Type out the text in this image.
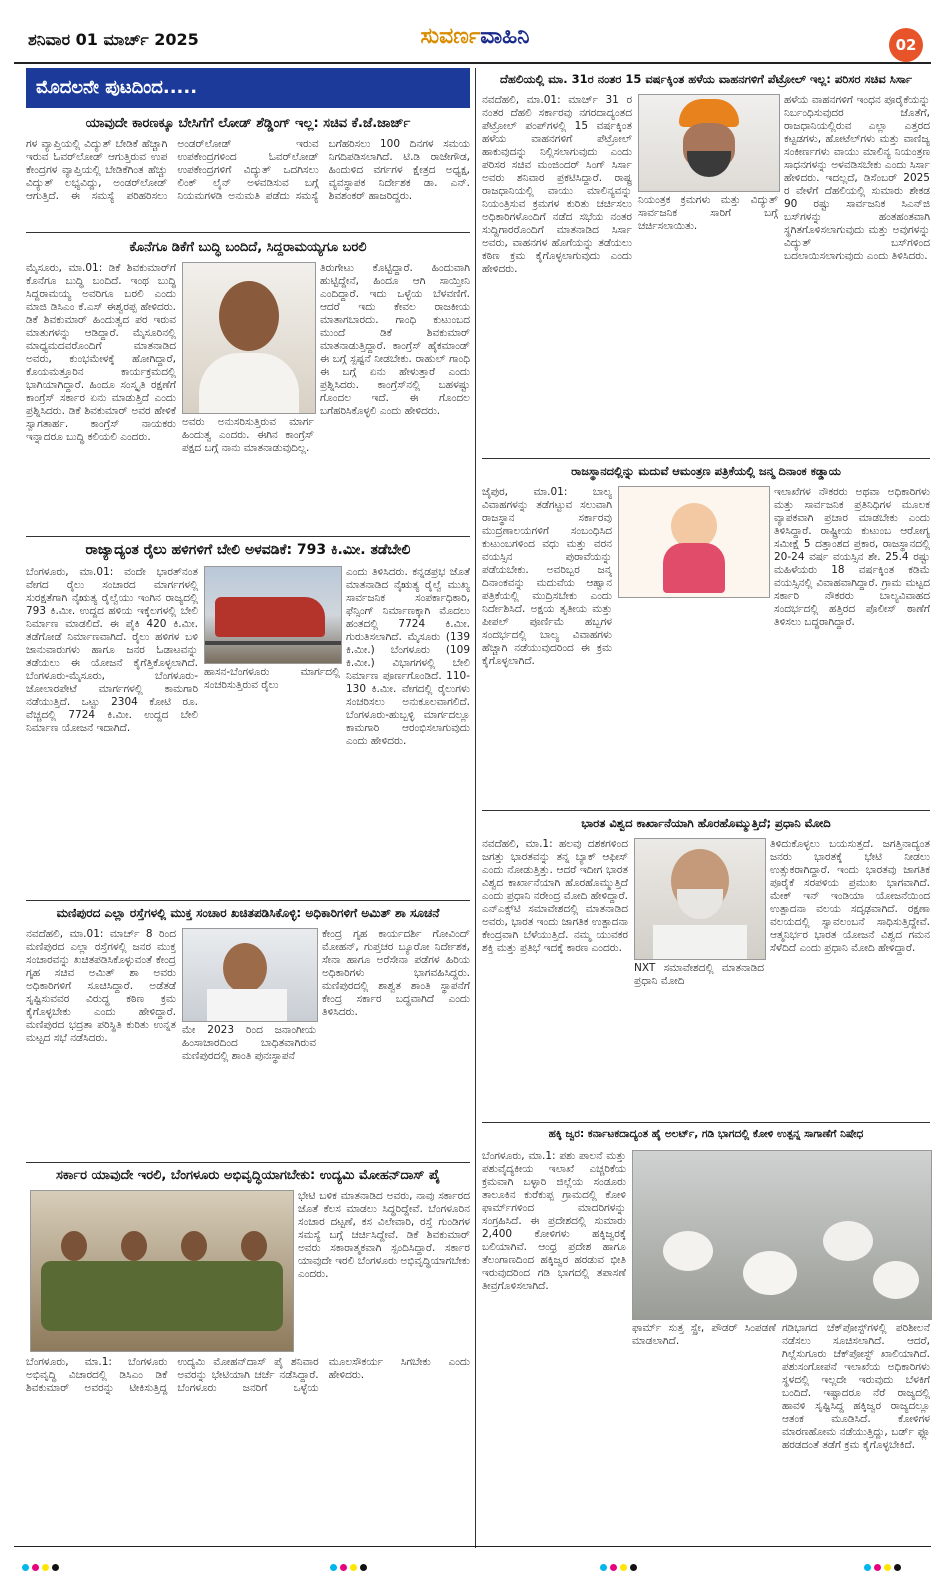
ಶನಿವಾರ 01 ಮಾರ್ಚ್ 2025	ಸುವರ್ಣವಾಹಿನಿ	02
ಮೊದಲನೇ ಪುಟದಿಂದ.....
ಯಾವುದೇ ಕಾರಣಕ್ಕೂ ಬೇಸಿಗೆಗೆ ಲೋಡ್ ಶೆಡ್ಡಿಂಗ್ ಇಲ್ಲ: ಸಚಿವ ಕೆ.ಜೆ.ಜಾರ್ಜ್
ಗಳ ವ್ಯಾಪ್ತಿಯಲ್ಲಿ ವಿದ್ಯುತ್ ಬೇಡಿಕೆ ಹೆಚ್ಚಾಗಿ ಇರುವ ಓವರ್‌ಲೋಡ್ ಆಗುತ್ತಿರುವ ಉಪ ಕೇಂದ್ರಗಳ ವ್ಯಾಪ್ತಿಯಲ್ಲಿ ಬೇಡಿಕೆಗಿಂತ ಹೆಚ್ಚು ವಿದ್ಯುತ್ ಲಭ್ಯವಿದ್ದು, ಅಂಡರ್‌ಲೋಡ್ ಆಗುತ್ತಿದೆ. ಈ ಸಮಸ್ಯೆ ಪರಿಹರಿಸಲು ಅಂಡರ್‌ಲೋಡ್ ಇರುವ ಉಪಕೇಂದ್ರಗಳಿಂದ ಓವರ್‌ಲೋಡ್ ಉಪಕೇಂದ್ರಗಳಿಗೆ ವಿದ್ಯುತ್ ಒದಗಿಸಲು ಲಿಂಕ್ ಲೈನ್ ಅಳವಡಿಸುವ ಬಗ್ಗೆ ನಿಯಮಗಳಡಿ ಅನುಮತಿ ಪಡೆದು ಸಮಸ್ಯೆ ಬಗೆಹರಿಸಲು 100 ದಿನಗಳ ಸಮಯ ನಿಗದಿಪಡಿಸಲಾಗಿದೆ. ಟಿ.ಡಿ ರಾಜೇಗೌಡ, ಹಿಂದುಳಿದ ವರ್ಗಗಳ ಕ್ಷೇತ್ರದ ಅಧ್ಯಕ್ಷ, ವ್ಯವಸ್ಥಾಪಕ ನಿರ್ದೇಶಕ ಡಾ. ಎನ್. ಶಿವಶಂಕರ್ ಹಾಜರಿದ್ದರು.
ಕೊನೆಗೂ ಡಿಕೆಗೆ ಬುದ್ಧಿ ಬಂದಿದೆ, ಸಿದ್ದರಾಮಯ್ಯಗೂ ಬರಲಿ
ಮೈಸೂರು, ಮಾ.01: ಡಿಕೆ ಶಿವಕುಮಾರ್‌ಗೆ ಕೊನೆಗೂ ಬುದ್ಧಿ ಬಂದಿದೆ. ಇಂಥ ಬುದ್ಧಿ ಸಿದ್ದರಾಮಯ್ಯ ಅವರಿಗೂ ಬರಲಿ ಎಂದು ಮಾಜಿ ಡಿಸಿಎಂ ಕೆ.ಎಸ್ ಈಶ್ವರಪ್ಪ ಹೇಳಿದರು. ಡಿಕೆ ಶಿವಕುಮಾರ್ ಹಿಂದುತ್ವದ ಪರ ಇರುವ ಮಾತುಗಳನ್ನು ಆಡಿದ್ದಾರೆ. ಮೈಸೂರಿನಲ್ಲಿ ಮಾಧ್ಯಮದವರೊಂದಿಗೆ ಮಾತನಾಡಿದ ಅವರು, ಕುಂಭಮೇಳಕ್ಕೆ ಹೋಗಿದ್ದಾರೆ, ಕೊಯಮತ್ತೂರಿನ ಕಾರ್ಯಕ್ರಮದಲ್ಲಿ ಭಾಗಿಯಾಗಿದ್ದಾರೆ. ಹಿಂದೂ ಸಂಸ್ಕೃತಿ ರಕ್ಷಣೆಗೆ ಕಾಂಗ್ರೆಸ್ ಸರ್ಕಾರ ಏನು ಮಾಡುತ್ತಿದೆ ಎಂದು ಪ್ರಶ್ನಿಸಿದರು. ಡಿಕೆ ಶಿವಕುಮಾರ್ ಅವರ ಹೇಳಿಕೆ ಸ್ವಾಗತಾರ್ಹ. ಕಾಂಗ್ರೆಸ್ ನಾಯಕರು ಇನ್ನಾದರೂ ಬುದ್ಧಿ ಕಲಿಯಲಿ ಎಂದರು.
ಅವರು ಅನುಸರಿಸುತ್ತಿರುವ ಮಾರ್ಗ ಹಿಂದುತ್ವ ಎಂದರು. ಈಗಿನ ಕಾಂಗ್ರೆಸ್ ಪಕ್ಷದ ಬಗ್ಗೆ ನಾನು ಮಾತನಾಡುವುದಿಲ್ಲ.
ತಿರುಗೇಟು ಕೊಟ್ಟಿದ್ದಾರೆ. ಹಿಂದುವಾಗಿ ಹುಟ್ಟಿದ್ದೇನೆ, ಹಿಂದೂ ಆಗಿ ಸಾಯ್ತೀನಿ ಎಂದಿದ್ದಾರೆ. ಇದು ಒಳ್ಳೆಯ ಬೆಳವಣಿಗೆ. ಆದರೆ ಇದು ಕೇವಲ ರಾಜಕೀಯ ಮಾತಾಗಬಾರದು. ಗಾಂಧಿ ಕುಟುಂಬದ ಮುಂದೆ ಡಿಕೆ ಶಿವಕುಮಾರ್ ಮಾತನಾಡುತ್ತಿದ್ದಾರೆ. ಕಾಂಗ್ರೆಸ್ ಹೈಕಮಾಂಡ್ ಈ ಬಗ್ಗೆ ಸ್ಪಷ್ಟನೆ ನೀಡಬೇಕು. ರಾಹುಲ್ ಗಾಂಧಿ ಈ ಬಗ್ಗೆ ಏನು ಹೇಳುತ್ತಾರೆ ಎಂದು ಪ್ರಶ್ನಿಸಿದರು. ಕಾಂಗ್ರೆಸ್‌ನಲ್ಲಿ ಬಹಳಷ್ಟು ಗೊಂದಲ ಇದೆ. ಈ ಗೊಂದಲ ಬಗೆಹರಿಸಿಕೊಳ್ಳಲಿ ಎಂದು ಹೇಳಿದರು.
ರಾಜ್ಯಾದ್ಯಂತ ರೈಲು ಹಳಿಗಳಿಗೆ ಬೇಲಿ ಅಳವಡಿಕೆ: 793 ಕಿ.ಮೀ. ತಡೆಬೇಲಿ
ಬೆಂಗಳೂರು, ಮಾ.01: ವಂದೇ ಭಾರತ್‌ನಂತ ವೇಗದ ರೈಲು ಸಂಚಾರದ ಮಾರ್ಗಗಳಲ್ಲಿ ಸುರಕ್ಷತೆಗಾಗಿ ನೈಋತ್ಯ ರೈಲ್ವೆಯು ಇಂಗಿನ ರಾಜ್ಯದಲ್ಲಿ 793 ಕಿ.ಮೀ. ಉದ್ದದ ಹಳಿಯ ಇಕ್ಕೆಲಗಳಲ್ಲಿ ಬೇಲಿ ನಿರ್ಮಾಣ ಮಾಡಲಿದೆ. ಈ ಪೈಕಿ 420 ಕಿ.ಮೀ. ತಡೆಗೋಡೆ ನಿರ್ಮಾಣವಾಗಿದೆ. ರೈಲು ಹಳಿಗಳ ಬಳಿ ಜಾನುವಾರುಗಳು ಹಾಗೂ ಜನರ ಓಡಾಟವನ್ನು ತಡೆಯಲು ಈ ಯೋಜನೆ ಕೈಗೆತ್ತಿಕೊಳ್ಳಲಾಗಿದೆ. ಬೆಂಗಳೂರು-ಮೈಸೂರು, ಬೆಂಗಳೂರು-ಜೋಲಾರಪೇಟೆ ಮಾರ್ಗಗಳಲ್ಲಿ ಕಾಮಗಾರಿ ನಡೆಯುತ್ತಿದೆ. ಒಟ್ಟು 2304 ಕೋಟಿ ರೂ. ವೆಚ್ಚದಲ್ಲಿ 7724 ಕಿ.ಮೀ. ಉದ್ದದ ಬೇಲಿ ನಿರ್ಮಾಣ ಯೋಜನೆ ಇದಾಗಿದೆ.
ಹಾಸನ-ಬೆಂಗಳೂರು ಮಾರ್ಗದಲ್ಲಿ ಸಂಚರಿಸುತ್ತಿರುವ ರೈಲು
ಎಂದು ತಿಳಿಸಿದರು. ಕನ್ನಡಪ್ರಭ ಜೊತೆ ಮಾತನಾಡಿದ ನೈಋತ್ಯ ರೈಲ್ವೆ ಮುಖ್ಯ ಸಾರ್ವಜನಿಕ ಸಂಪರ್ಕಾಧಿಕಾರಿ, ಫೆನ್ಸಿಂಗ್ ನಿರ್ಮಾಣಕ್ಕಾಗಿ ಮೊದಲು ಹಂತದಲ್ಲಿ 7724 ಕಿ.ಮೀ. ಗುರುತಿಸಲಾಗಿದೆ. ಮೈಸೂರು (139 ಕಿ.ಮೀ.) ಬೆಂಗಳೂರು (109 ಕಿ.ಮೀ.) ವಿಭಾಗಗಳಲ್ಲಿ ಬೇಲಿ ನಿರ್ಮಾಣ ಪೂರ್ಣಗೊಂಡಿದೆ. 110-130 ಕಿ.ಮೀ. ವೇಗದಲ್ಲಿ ರೈಲುಗಳು ಸಂಚರಿಸಲು ಅನುಕೂಲವಾಗಲಿದೆ. ಬೆಂಗಳೂರು-ಹುಬ್ಬಳ್ಳಿ ಮಾರ್ಗದಲ್ಲೂ ಕಾಮಗಾರಿ ಆರಂಭಿಸಲಾಗುವುದು ಎಂದು ಹೇಳಿದರು.
ಮಣಿಪುರದ ಎಲ್ಲಾ ರಸ್ತೆಗಳಲ್ಲಿ ಮುಕ್ತ ಸಂಚಾರ ಖಚಿತಪಡಿಸಿಕೊಳ್ಳಿ: ಅಧಿಕಾರಿಗಳಿಗೆ ಅಮಿತ್ ಶಾ ಸೂಚನೆ
ನವದೆಹಲಿ, ಮಾ.01: ಮಾರ್ಚ್ 8 ರಿಂದ ಮಣಿಪುರದ ಎಲ್ಲಾ ರಸ್ತೆಗಳಲ್ಲಿ ಜನರ ಮುಕ್ತ ಸಂಚಾರವನ್ನು ಖಚಿತಪಡಿಸಿಕೊಳ್ಳುವಂತೆ ಕೇಂದ್ರ ಗೃಹ ಸಚಿವ ಅಮಿತ್ ಶಾ ಅವರು ಅಧಿಕಾರಿಗಳಿಗೆ ಸೂಚಿಸಿದ್ದಾರೆ. ಅಡೆತಡೆ ಸೃಷ್ಟಿಸುವವರ ವಿರುದ್ಧ ಕಠಿಣ ಕ್ರಮ ಕೈಗೊಳ್ಳಬೇಕು ಎಂದು ಹೇಳಿದ್ದಾರೆ. ಮಣಿಪುರದ ಭದ್ರತಾ ಪರಿಸ್ಥಿತಿ ಕುರಿತು ಉನ್ನತ ಮಟ್ಟದ ಸಭೆ ನಡೆಸಿದರು.
ಮೇ 2023 ರಿಂದ ಜನಾಂಗೀಯ ಹಿಂಸಾಚಾರದಿಂದ ಬಾಧಿತವಾಗಿರುವ ಮಣಿಪುರದಲ್ಲಿ ಶಾಂತಿ ಪುನಃಸ್ಥಾಪನೆ
ಕೇಂದ್ರ ಗೃಹ ಕಾರ್ಯದರ್ಶಿ ಗೋವಿಂದ್ ಮೋಹನ್, ಗುಪ್ತಚರ ಬ್ಯೂರೋ ನಿರ್ದೇಶಕ, ಸೇನಾ ಹಾಗೂ ಅರೆಸೇನಾ ಪಡೆಗಳ ಹಿರಿಯ ಅಧಿಕಾರಿಗಳು ಭಾಗವಹಿಸಿದ್ದರು. ಮಣಿಪುರದಲ್ಲಿ ಶಾಶ್ವತ ಶಾಂತಿ ಸ್ಥಾಪನೆಗೆ ಕೇಂದ್ರ ಸರ್ಕಾರ ಬದ್ಧವಾಗಿದೆ ಎಂದು ತಿಳಿಸಿದರು.
ಸರ್ಕಾರ ಯಾವುದೇ ಇರಲಿ, ಬೆಂಗಳೂರು ಅಭಿವೃದ್ಧಿಯಾಗಬೇಕು: ಉದ್ಯಮಿ ಮೋಹನ್‌ದಾಸ್ ಪೈ
ಭೇಟಿ ಬಳಿಕ ಮಾತನಾಡಿದ ಅವರು, ನಾವು ಸರ್ಕಾರದ ಜೊತೆ ಕೆಲಸ ಮಾಡಲು ಸಿದ್ಧರಿದ್ದೇವೆ. ಬೆಂಗಳೂರಿನ ಸಂಚಾರ ದಟ್ಟಣೆ, ಕಸ ವಿಲೇವಾರಿ, ರಸ್ತೆ ಗುಂಡಿಗಳ ಸಮಸ್ಯೆ ಬಗ್ಗೆ ಚರ್ಚಿಸಿದ್ದೇವೆ. ಡಿಕೆ ಶಿವಕುಮಾರ್ ಅವರು ಸಕಾರಾತ್ಮಕವಾಗಿ ಸ್ಪಂದಿಸಿದ್ದಾರೆ. ಸರ್ಕಾರ ಯಾವುದೇ ಇರಲಿ ಬೆಂಗಳೂರು ಅಭಿವೃದ್ಧಿಯಾಗಬೇಕು ಎಂದರು.
ಬೆಂಗಳೂರು, ಮಾ.1: ಬೆಂಗಳೂರು ಅಭಿವೃದ್ಧಿ ವಿಚಾರದಲ್ಲಿ ಡಿಸಿಎಂ ಡಿಕೆ ಶಿವಕುಮಾರ್ ಅವರನ್ನು ಟೀಕಿಸುತ್ತಿದ್ದ ಉದ್ಯಮಿ ಮೋಹನ್‌ದಾಸ್ ಪೈ ಶನಿವಾರ ಅವರನ್ನು ಭೇಟಿಯಾಗಿ ಚರ್ಚೆ ನಡೆಸಿದ್ದಾರೆ. ಬೆಂಗಳೂರು ಜನರಿಗೆ ಒಳ್ಳೆಯ ಮೂಲಸೌಕರ್ಯ ಸಿಗಬೇಕು ಎಂದು ಹೇಳಿದರು.
ದೆಹಲಿಯಲ್ಲಿ ಮಾ. 31ರ ನಂತರ 15 ವರ್ಷಕ್ಕಿಂತ ಹಳೆಯ ವಾಹನಗಳಿಗೆ ಪೆಟ್ರೋಲ್ ಇಲ್ಲ: ಪರಿಸರ ಸಚಿವ ಸಿರ್ಸಾ
ನವದೆಹಲಿ, ಮಾ.01: ಮಾರ್ಚ್ 31 ರ ನಂತರ ದೆಹಲಿ ಸರ್ಕಾರವು ನಗರದಾದ್ಯಂತದ ಪೆಟ್ರೋಲ್ ಪಂಪ್‌ಗಳಲ್ಲಿ 15 ವರ್ಷಕ್ಕಿಂತ ಹಳೆಯ ವಾಹನಗಳಿಗೆ ಪೆಟ್ರೋಲ್ ಹಾಕುವುದನ್ನು ನಿಲ್ಲಿಸಲಾಗುವುದು ಎಂದು ಪರಿಸರ ಸಚಿವ ಮಂಜಿಂದರ್ ಸಿಂಗ್ ಸಿರ್ಸಾ ಅವರು ಶನಿವಾರ ಪ್ರಕಟಿಸಿದ್ದಾರೆ. ರಾಷ್ಟ್ರ ರಾಜಧಾನಿಯಲ್ಲಿ ವಾಯು ಮಾಲಿನ್ಯವನ್ನು ನಿಯಂತ್ರಿಸುವ ಕ್ರಮಗಳ ಕುರಿತು ಚರ್ಚಿಸಲು ಅಧಿಕಾರಿಗಳೊಂದಿಗೆ ನಡೆದ ಸಭೆಯ ನಂತರ ಸುದ್ದಿಗಾರರೊಂದಿಗೆ ಮಾತನಾಡಿದ ಸಿರ್ಸಾ ಅವರು, ವಾಹನಗಳ ಹೊಗೆಯನ್ನು ತಡೆಯಲು ಕಠಿಣ ಕ್ರಮ ಕೈಗೊಳ್ಳಲಾಗುವುದು ಎಂದು ಹೇಳಿದರು.
ನಿಯಂತ್ರಕ ಕ್ರಮಗಳು ಮತ್ತು ವಿದ್ಯುತ್ ಸಾರ್ವಜನಿಕ ಸಾರಿಗೆ ಬಗ್ಗೆ ಚರ್ಚಿಸಲಾಯಿತು.
ಹಳೆಯ ವಾಹನಗಳಿಗೆ ಇಂಧನ ಪೂರೈಕೆಯನ್ನು ನಿರ್ಬಂಧಿಸುವುದರ ಜೊತೆಗೆ, ರಾಜಧಾನಿಯಲ್ಲಿರುವ ಎಲ್ಲಾ ಎತ್ತರದ ಕಟ್ಟಡಗಳು, ಹೋಟೆಲ್‌ಗಳು ಮತ್ತು ವಾಣಿಜ್ಯ ಸಂಕೀರ್ಣಗಳು ವಾಯು ಮಾಲಿನ್ಯ ನಿಯಂತ್ರಣ ಸಾಧನಗಳನ್ನು ಅಳವಡಿಸಬೇಕು ಎಂದು ಸಿರ್ಸಾ ಹೇಳಿದರು. ಇದಲ್ಲದೆ, ಡಿಸೆಂಬರ್ 2025 ರ ವೇಳೆಗೆ ದೆಹಲಿಯಲ್ಲಿ ಸುಮಾರು ಶೇಕಡ 90 ರಷ್ಟು ಸಾರ್ವಜನಿಕ ಸಿಎನ್‌ಜಿ ಬಸ್‌ಗಳನ್ನು ಹಂತಹಂತವಾಗಿ ಸ್ಥಗಿತಗೊಳಿಸಲಾಗುವುದು ಮತ್ತು ಅವುಗಳನ್ನು ವಿದ್ಯುತ್ ಬಸ್‌ಗಳಿಂದ ಬದಲಾಯಿಸಲಾಗುವುದು ಎಂದು ತಿಳಿಸಿದರು.
ರಾಜಸ್ಥಾನದಲ್ಲಿನ್ನು ಮದುವೆ ಆಮಂತ್ರಣ ಪತ್ರಿಕೆಯಲ್ಲಿ ಜನ್ಮ ದಿನಾಂಕ ಕಡ್ಡಾಯ
ಜೈಪುರ, ಮಾ.01: ಬಾಲ್ಯ ವಿವಾಹಗಳನ್ನು ತಡೆಗಟ್ಟುವ ಸಲುವಾಗಿ ರಾಜಸ್ಥಾನ ಸರ್ಕಾರವು ಮುದ್ರಣಾಲಯಗಳಿಗೆ ಸಂಬಂಧಿಸಿದ ಕುಟುಂಬಗಳಿಂದ ವಧು ಮತ್ತು ವರನ ವಯಸ್ಸಿನ ಪುರಾವೆಯನ್ನು ಪಡೆಯಬೇಕು. ಅವರಿಬ್ಬರ ಜನ್ಮ ದಿನಾಂಕವನ್ನು ಮದುವೆಯ ಆಹ್ವಾನ ಪತ್ರಿಕೆಯಲ್ಲಿ ಮುದ್ರಿಸಬೇಕು ಎಂದು ನಿರ್ದೇಶಿಸಿದೆ. ಅಕ್ಷಯ ತೃತೀಯ ಮತ್ತು ಪೀಪಲ್ ಪೂರ್ಣಿಮೆ ಹಬ್ಬಗಳ ಸಂದರ್ಭದಲ್ಲಿ ಬಾಲ್ಯ ವಿವಾಹಗಳು ಹೆಚ್ಚಾಗಿ ನಡೆಯುವುದರಿಂದ ಈ ಕ್ರಮ ಕೈಗೊಳ್ಳಲಾಗಿದೆ.
ಇಲಾಖೆಗಳ ನೌಕರರು ಅಥವಾ ಅಧಿಕಾರಿಗಳು ಮತ್ತು ಸಾರ್ವಜನಿಕ ಪ್ರತಿನಿಧಿಗಳ ಮೂಲಕ ವ್ಯಾಪಕವಾಗಿ ಪ್ರಚಾರ ಮಾಡಬೇಕು ಎಂದು ತಿಳಿಸಿದ್ದಾರೆ. ರಾಷ್ಟ್ರೀಯ ಕುಟುಂಬ ಆರೋಗ್ಯ ಸಮೀಕ್ಷೆ 5 ದತ್ತಾಂಶದ ಪ್ರಕಾರ, ರಾಜಸ್ಥಾನದಲ್ಲಿ 20-24 ವರ್ಷ ವಯಸ್ಸಿನ ಶೇ. 25.4 ರಷ್ಟು ಮಹಿಳೆಯರು 18 ವರ್ಷಕ್ಕಿಂತ ಕಡಿಮೆ ವಯಸ್ಸಿನಲ್ಲಿ ವಿವಾಹವಾಗಿದ್ದಾರೆ. ಗ್ರಾಮ ಮಟ್ಟದ ಸರ್ಕಾರಿ ನೌಕರರು ಬಾಲ್ಯವಿವಾಹದ ಸಂದರ್ಭದಲ್ಲಿ ಹತ್ತಿರದ ಪೊಲೀಸ್ ಠಾಣೆಗೆ ತಿಳಿಸಲು ಬದ್ಧರಾಗಿದ್ದಾರೆ.
ಭಾರತ ವಿಶ್ವದ ಕಾರ್ಖಾನೆಯಾಗಿ ಹೊರಹೊಮ್ಮುತ್ತಿದೆ; ಪ್ರಧಾನಿ ಮೋದಿ
ನವದೆಹಲಿ, ಮಾ.1: ಹಲವು ದಶಕಗಳಿಂದ ಜಗತ್ತು ಭಾರತವನ್ನು ತನ್ನ ಬ್ಯಾಕ್ ಆಫೀಸ್ ಎಂದು ನೋಡುತ್ತಿತ್ತು. ಆದರೆ ಇದೀಗ ಭಾರತ ವಿಶ್ವದ ಕಾರ್ಖಾನೆಯಾಗಿ ಹೊರಹೊಮ್ಮುತ್ತಿದೆ ಎಂದು ಪ್ರಧಾನಿ ನರೇಂದ್ರ ಮೋದಿ ಹೇಳಿದ್ದಾರೆ. ಎನ್‌ಎಕ್ಸ್‌ಟಿ ಸಮಾವೇಶದಲ್ಲಿ ಮಾತನಾಡಿದ ಅವರು, ಭಾರತ ಇಂದು ಜಾಗತಿಕ ಉತ್ಪಾದನಾ ಕೇಂದ್ರವಾಗಿ ಬೆಳೆಯುತ್ತಿದೆ. ನಮ್ಮ ಯುವಕರ ಶಕ್ತಿ ಮತ್ತು ಪ್ರತಿಭೆ ಇದಕ್ಕೆ ಕಾರಣ ಎಂದರು.
NXT ಸಮಾವೇಶದಲ್ಲಿ ಮಾತನಾಡಿದ ಪ್ರಧಾನಿ ಮೋದಿ
ತಿಳಿದುಕೊಳ್ಳಲು ಬಯಸುತ್ತದೆ. ಜಗತ್ತಿನಾದ್ಯಂತ ಜನರು ಭಾರತಕ್ಕೆ ಭೇಟಿ ನೀಡಲು ಉತ್ಸುಕರಾಗಿದ್ದಾರೆ. ಇಂದು ಭಾರತವು ಜಾಗತಿಕ ಪೂರೈಕೆ ಸರಪಳಿಯ ಪ್ರಮುಖ ಭಾಗವಾಗಿದೆ. ಮೇಕ್ ಇನ್ ಇಂಡಿಯಾ ಯೋಜನೆಯಿಂದ ಉತ್ಪಾದನಾ ವಲಯ ಸದೃಢವಾಗಿದೆ. ರಕ್ಷಣಾ ವಲಯದಲ್ಲಿ ಸ್ವಾವಲಂಬನೆ ಸಾಧಿಸುತ್ತಿದ್ದೇವೆ. ಆತ್ಮನಿರ್ಭರ ಭಾರತ ಯೋಜನೆ ವಿಶ್ವದ ಗಮನ ಸೆಳೆದಿದೆ ಎಂದು ಪ್ರಧಾನಿ ಮೋದಿ ಹೇಳಿದ್ದಾರೆ.
ಹಕ್ಕಿ ಜ್ವರ: ಕರ್ನಾಟಕದಾದ್ಯಂತ ಹೈ ಅಲರ್ಟ್, ಗಡಿ ಭಾಗದಲ್ಲಿ ಕೋಳಿ ಉತ್ಪನ್ನ ಸಾಗಾಣೆಗೆ ನಿಷೇಧ
ಬೆಂಗಳೂರು, ಮಾ.1: ಪಶು ಪಾಲನೆ ಮತ್ತು ಪಶುವೈದ್ಯಕೀಯ ಇಲಾಖೆ ಎಚ್ಚರಿಕೆಯ ಕ್ರಮವಾಗಿ ಬಳ್ಳಾರಿ ಜಿಲ್ಲೆಯ ಸಂಡೂರು ತಾಲೂಕಿನ ಕುರೆಕುಪ್ಪ ಗ್ರಾಮದಲ್ಲಿ ಕೋಳಿ ಫಾರ್ಮ್‌ಗಳಿಂದ ಮಾದರಿಗಳನ್ನು ಸಂಗ್ರಹಿಸಿದೆ. ಈ ಪ್ರದೇಶದಲ್ಲಿ ಸುಮಾರು 2,400 ಕೋಳಿಗಳು ಹಕ್ಕಿಜ್ವರಕ್ಕೆ ಬಲಿಯಾಗಿವೆ. ಆಂಧ್ರ ಪ್ರದೇಶ ಹಾಗೂ ತೆಲಂಗಾಣದಿಂದ ಹಕ್ಕಿಜ್ವರ ಹರಡುವ ಭೀತಿ ಇರುವುದರಿಂದ ಗಡಿ ಭಾಗದಲ್ಲಿ ತಪಾಸಣೆ ತೀವ್ರಗೊಳಿಸಲಾಗಿದೆ.
ಫಾರ್ಮ್ ಸುತ್ತ ಸ್ಪ್ರೇ, ಪೌಡರ್ ಸಿಂಪಡಣೆ ಮಾಡಲಾಗಿದೆ.
ಗಡಿಭಾಗದ ಚೆಕ್‌ಪೋಸ್ಟ್‌ಗಳಲ್ಲಿ ಪರಿಶೀಲನೆ ನಡೆಸಲು ಸೂಚಿಸಲಾಗಿದೆ. ಆದರೆ, ಗಿಲ್ಲೆಸುಗೂರು ಚೆಕ್‌ಪೋಸ್ಟ್ ಖಾಲಿಯಾಗಿದೆ. ಪಶುಸಂಗೋಪನೆ ಇಲಾಖೆಯ ಅಧಿಕಾರಿಗಳು ಸ್ಥಳದಲ್ಲಿ ಇಲ್ಲದೇ ಇರುವುದು ಬೆಳಕಿಗೆ ಬಂದಿದೆ. ಇಷ್ಟಾದರೂ ನೆರೆ ರಾಜ್ಯದಲ್ಲಿ ಹಾವಳಿ ಸೃಷ್ಟಿಸಿದ್ದ ಹಕ್ಕಿಜ್ವರ ರಾಜ್ಯದಲ್ಲೂ ಆತಂಕ ಮೂಡಿಸಿದೆ. ಕೋಳಿಗಳ ಮಾರಣಹೋಮ ನಡೆಯುತ್ತಿದ್ದು, ಬರ್ಡ್ ಫ್ಲೂ ಹರಡದಂತೆ ತಡೆಗೆ ಕ್ರಮ ಕೈಗೊಳ್ಳಬೇಕಿದೆ.
